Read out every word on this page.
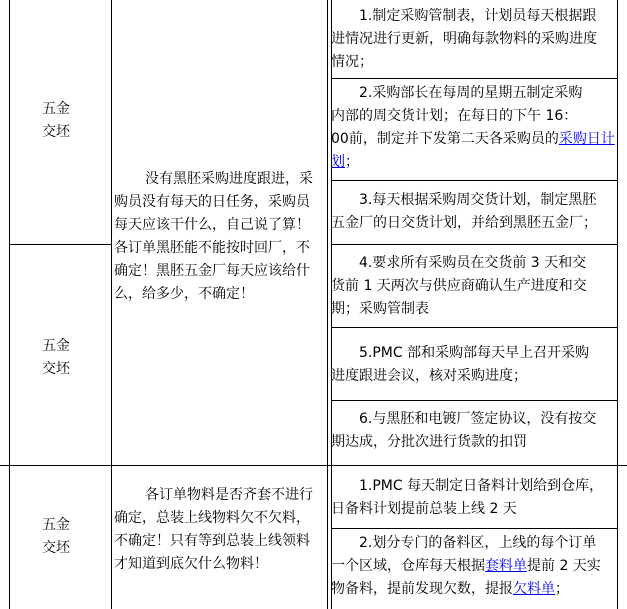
五金
交坯
五金
交坯
五金
交坯
没有黑胚采购进度跟进，采
购员没有每天的日任务，采购员
每天应该干什么，自己说了算！
各订单黑胚能不能按时回厂，不
确定！黑胚五金厂每天应该给什
么，给多少，不确定！
各订单物料是否齐套不进行
确定，总装上线物料欠不欠料，
不确定！只有等到总装上线领料
才知道到底欠什么物料！
1.制定采购管制表，计划员每天根据跟
进情况进行更新，明确每款物料的采购进度
情况；
2.采购部长在每周的星期五制定采购
内部的周交货计划；在每日的下午 16：
00前，制定并下发第二天各采购员的采购日计
划；
3.每天根据采购周交货计划，制定黑胚
五金厂的日交货计划，并给到黑胚五金厂；
4.要求所有采购员在交货前 3 天和交
货前 1 天两次与供应商确认生产进度和交
期；采购管制表
5.PMC 部和采购部每天早上召开采购
进度跟进会议，核对采购进度；
6.与黑胚和电镀厂签定协议，没有按交
期达成，分批次进行货款的扣罚
1.PMC 每天制定日备料计划给到仓库，
日备料计划提前总装上线 2 天
2.划分专门的备料区，上线的每个订单
一个区域，仓库每天根据套料单提前 2 天实
物备料，提前发现欠数，提报欠料单；
